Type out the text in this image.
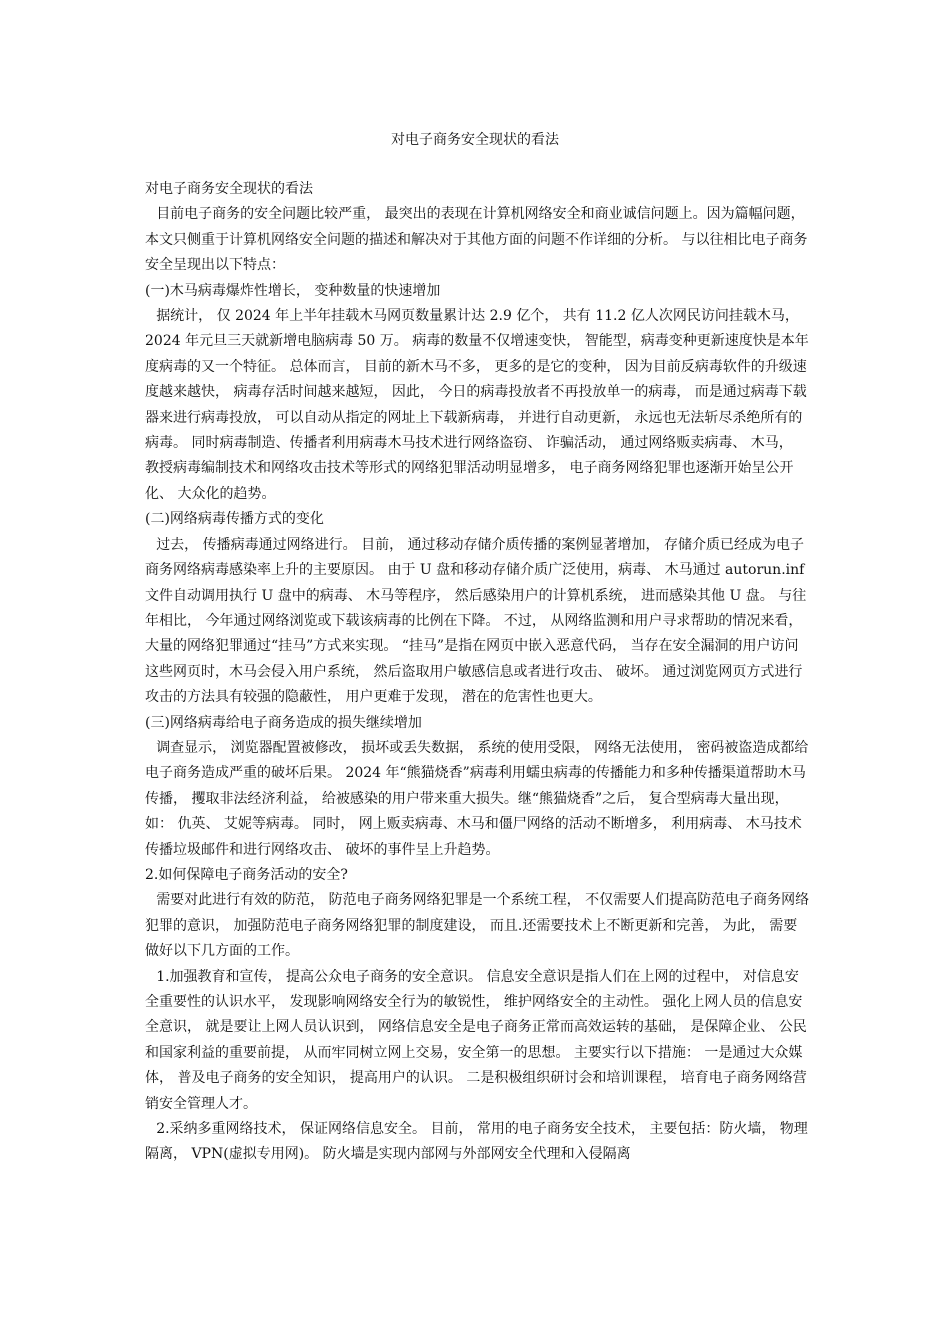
对电子商务安全现状的看法

对电子商务安全现状的看法

目前电子商务的安全问题比较严重， 最突出的表现在计算机网络安全和商业诚信问题上。因为篇幅问题， 本文只侧重于计算机网络安全问题的描述和解决对于其他方面的问题不作详细的分析。 与以往相比电子商务安全呈现出以下特点：

(一)木马病毒爆炸性增长， 变种数量的快速增加

据统计， 仅 2024 年上半年挂载木马网页数量累计达 2.9 亿个， 共有 11.2 亿人次网民访问挂载木马， 2024 年元旦三天就新增电脑病毒 50 万。 病毒的数量不仅增速变快， 智能型，病毒变种更新速度快是本年度病毒的又一个特征。 总体而言， 目前的新木马不多， 更多的是它的变种， 因为目前反病毒软件的升级速度越来越快， 病毒存活时间越来越短， 因此， 今日的病毒投放者不再投放单一的病毒， 而是通过病毒下载器来进行病毒投放， 可以自动从指定的网址上下载新病毒， 并进行自动更新， 永远也无法斩尽杀绝所有的病毒。 同时病毒制造、传播者利用病毒木马技术进行网络盗窃、 诈骗活动， 通过网络贩卖病毒、 木马， 教授病毒编制技术和网络攻击技术等形式的网络犯罪活动明显增多， 电子商务网络犯罪也逐渐开始呈公开化、 大众化的趋势。

(二)网络病毒传播方式的变化

过去， 传播病毒通过网络进行。 目前， 通过移动存储介质传播的案例显著增加， 存储介质已经成为电子商务网络病毒感染率上升的主要原因。 由于 U 盘和移动存储介质广泛使用，病毒、 木马通过 autorun.inf 文件自动调用执行 U 盘中的病毒、 木马等程序， 然后感染用户的计算机系统， 进而感染其他 U 盘。 与往年相比， 今年通过网络浏览或下载该病毒的比例在下降。 不过， 从网络监测和用户寻求帮助的情况来看， 大量的网络犯罪通过“挂马”方式来实现。 “挂马”是指在网页中嵌入恶意代码， 当存在安全漏洞的用户访问这些网页时，木马会侵入用户系统， 然后盗取用户敏感信息或者进行攻击、 破坏。 通过浏览网页方式进行攻击的方法具有较强的隐蔽性， 用户更难于发现， 潜在的危害性也更大。

(三)网络病毒给电子商务造成的损失继续增加

调查显示， 浏览器配置被修改， 损坏或丢失数据， 系统的使用受限， 网络无法使用， 密码被盗造成都给电子商务造成严重的破坏后果。 2024 年“熊猫烧香”病毒利用蠕虫病毒的传播能力和多种传播渠道帮助木马传播， 攫取非法经济利益， 给被感染的用户带来重大损失。继“熊猫烧香”之后， 复合型病毒大量出现， 如： 仇英、 艾妮等病毒。 同时， 网上贩卖病毒、木马和僵尸网络的活动不断增多， 利用病毒、 木马技术传播垃圾邮件和进行网络攻击、 破坏的事件呈上升趋势。

2.如何保障电子商务活动的安全?

需要对此进行有效的防范， 防范电子商务网络犯罪是一个系统工程， 不仅需要人们提高防范电子商务网络犯罪的意识， 加强防范电子商务网络犯罪的制度建设， 而且.还需要技术上不断更新和完善， 为此， 需要做好以下几方面的工作。

1.加强教育和宣传， 提高公众电子商务的安全意识。 信息安全意识是指人们在上网的过程中， 对信息安全重要性的认识水平， 发现影响网络安全行为的敏锐性， 维护网络安全的主动性。 强化上网人员的信息安全意识， 就是要让上网人员认识到， 网络信息安全是电子商务正常而高效运转的基础， 是保障企业、 公民和国家利益的重要前提， 从而牢同树立网上交易，安全第一的思想。 主要实行以下措施： 一是通过大众媒体， 普及电子商务的安全知识， 提高用户的认识。 二是积极组织研讨会和培训课程， 培育电子商务网络营销安全管理人才。

2.采纳多重网络技术， 保证网络信息安全。 目前， 常用的电子商务安全技术， 主要包括：防火墙， 物理隔离， VPN(虚拟专用网)。 防火墙是实现内部网与外部网安全代理和入侵隔离
